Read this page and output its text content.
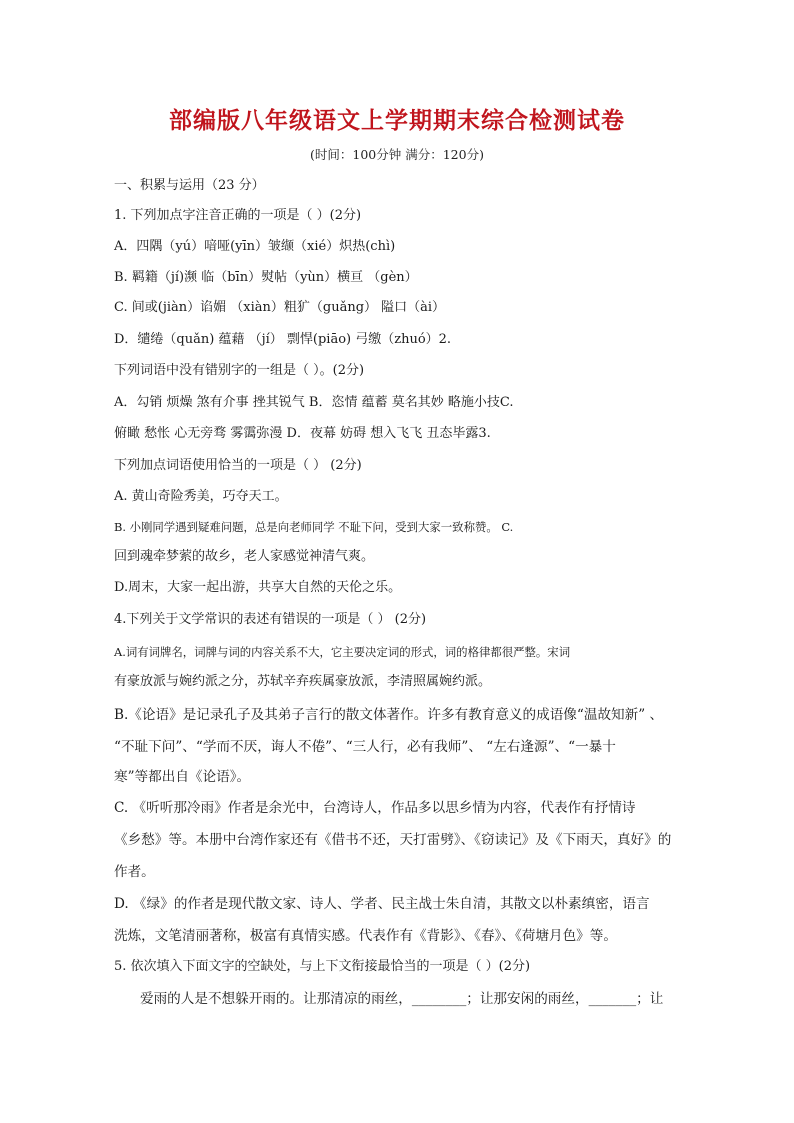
部编版八年级语文上学期期末综合检测试卷
(时间：100分钟 满分：120分)
一、积累与运用（23 分）
1. 下列加点字注音正确的一项是（ ）(2分)
A．四隅（yú）喑哑(yīn）皱缬（xié）炽热(chì)
B. 羁籍（jí)濒 临（bīn）熨帖（yùn）横亘 （gèn）
C. 间或(jiàn）谄媚 （xiàn）粗犷（guǎng） 隘口（ài）
D．缱绻（quǎn) 蕴藉 （jí） 剽悍(piāo) 弓缴（zhuó）2.
下列词语中没有错别字的一组是（ ）。(2分)
A．勾销 烦燥 煞有介事 挫其锐气 B．恣情 蕴蓄 莫名其妙 略施小技C.
俯瞰 愁怅 心无旁骛 雾霭弥漫 D．夜幕 妨碍 想入飞飞 丑态毕露3.
下列加点词语使用恰当的一项是（ ） (2分)
A. 黄山奇险秀美，巧夺天工。
B. 小刚同学遇到疑难问题，总是向老师同学 不耻下问，受到大家一致称赞。 C.
回到魂牵梦萦的故乡，老人家感觉神清气爽。
D.周末，大家一起出游，共享大自然的天伦之乐。
4.下列关于文学常识的表述有错误的一项是（ ） (2分)
A.词有词牌名，词牌与词的内容关系不大，它主要决定词的形式，词的格律都很严整。宋词
有豪放派与婉约派之分，苏轼辛弃疾属豪放派，李清照属婉约派。
B.《论语》是记录孔子及其弟子言行的散文体著作。许多有教育意义的成语像“温故知新” 、
“不耻下问”、“学而不厌，诲人不倦”、“三人行，必有我师”、 “左右逢源”、“一暴十
寒”等都出自《论语》。
C. 《听听那冷雨》作者是余光中，台湾诗人，作品多以思乡情为内容，代表作有抒情诗
《乡愁》等。本册中台湾作家还有《借书不还，天打雷劈》、《窃读记》及《下雨天，真好》的
作者。
D. 《绿》的作者是现代散文家、诗人、学者、民主战士朱自清，其散文以朴素缜密，语言
洗炼，文笔清丽著称，极富有真情实感。代表作有《背影》、《春》、《荷塘月色》等。
5. 依次填入下面文字的空缺处，与上下文衔接最恰当的一项是（ ）(2分)
爱雨的人是不想躲开雨的。让那清凉的雨丝，________；让那安闲的雨丝，_______；让
